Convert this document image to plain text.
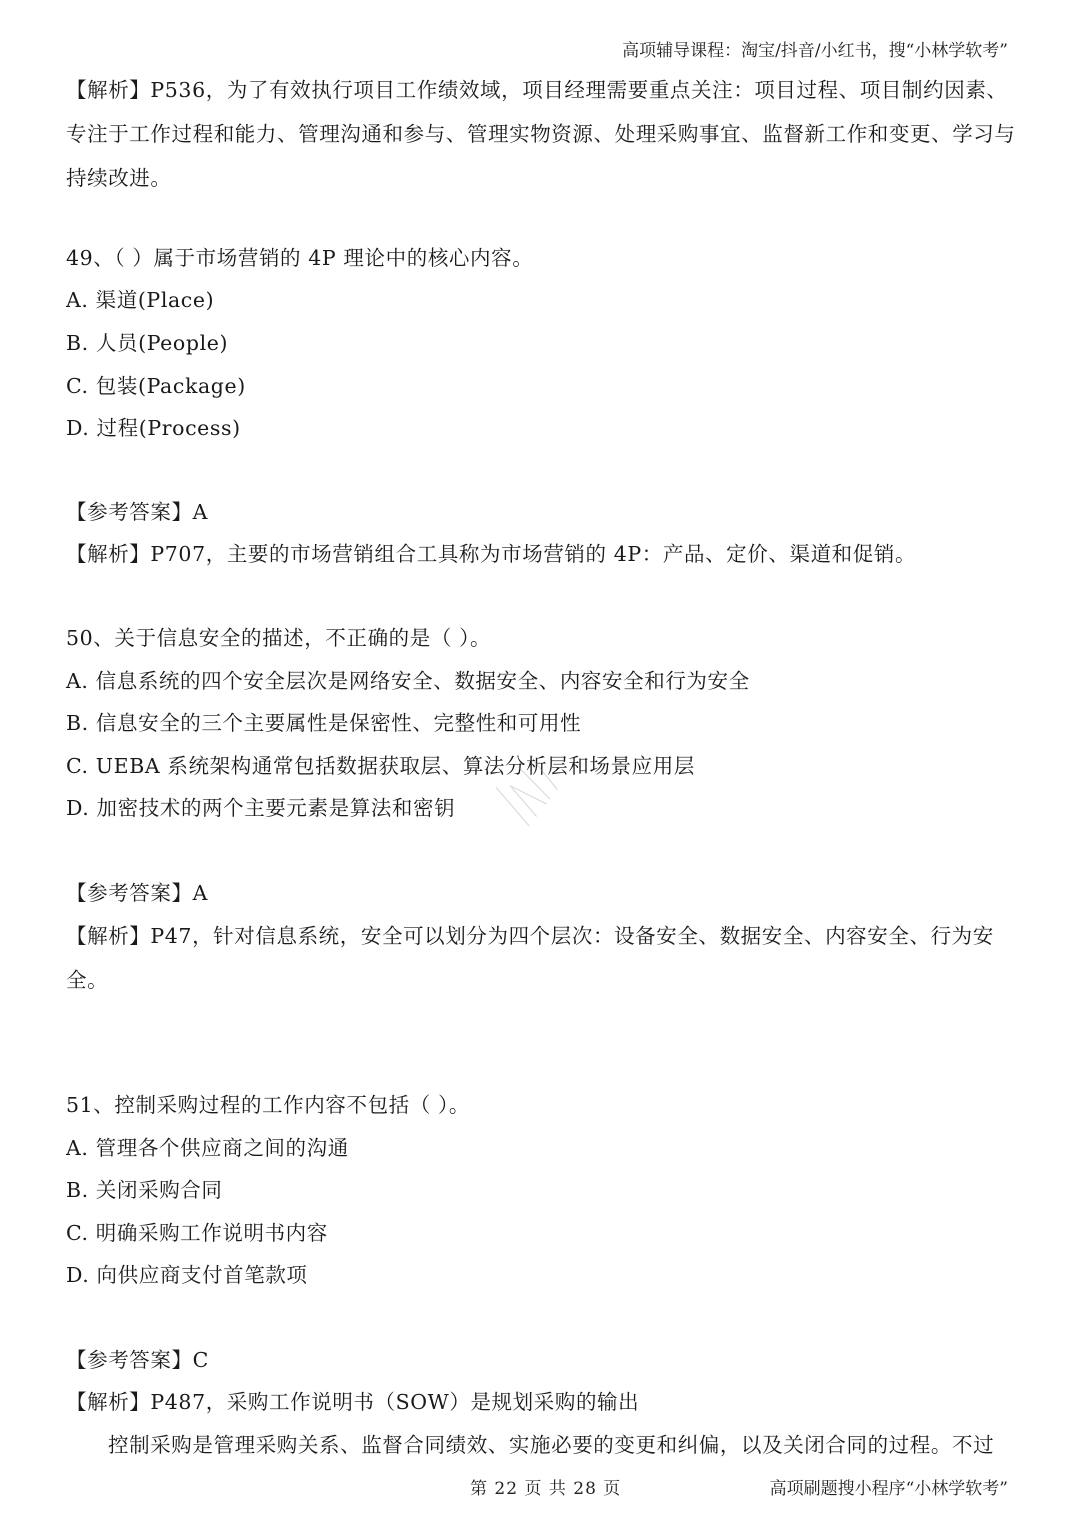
高项辅导课程：淘宝/抖音/小红书，搜“小林学软考”
【解析】P536，为了有效执行项目工作绩效域，项目经理需要重点关注：项目过程、项目制约因素、专注于工作过程和能力、管理沟通和参与、管理实物资源、处理采购事宜、监督新工作和变更、学习与持续改进。
49、（ ）属于市场营销的 4P 理论中的核心内容。
A. 渠道(Place)
B. 人员(People)
C. 包装(Package)
D. 过程(Process)
【参考答案】A
【解析】P707，主要的市场营销组合工具称为市场营销的 4P：产品、定价、渠道和促销。
50、关于信息安全的描述，不正确的是（ ）。
A. 信息系统的四个安全层次是网络安全、数据安全、内容安全和行为安全
B. 信息安全的三个主要属性是保密性、完整性和可用性
C. UEBA 系统架构通常包括数据获取层、算法分析层和场景应用层
D. 加密技术的两个主要元素是算法和密钥
【参考答案】A
【解析】P47，针对信息系统，安全可以划分为四个层次：设备安全、数据安全、内容安全、行为安全。
51、控制采购过程的工作内容不包括（ ）。
A. 管理各个供应商之间的沟通
B. 关闭采购合同
C. 明确采购工作说明书内容
D. 向供应商支付首笔款项
【参考答案】C
【解析】P487，采购工作说明书（SOW）是规划采购的输出
控制采购是管理采购关系、监督合同绩效、实施必要的变更和纠偏，以及关闭合同的过程。不过
第 22 页 共 28 页	高项刷题搜小程序“小林学软考”
